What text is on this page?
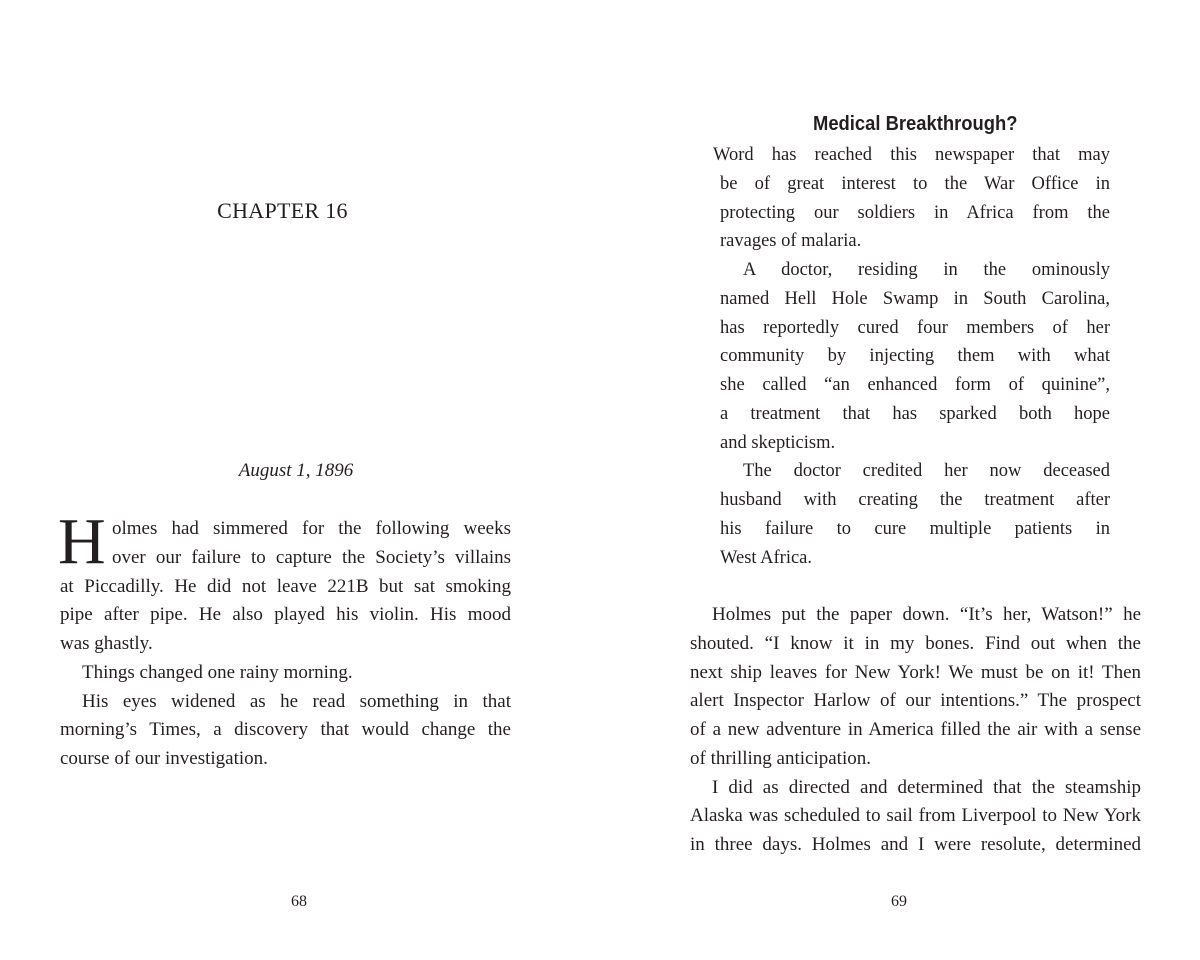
CHAPTER 16
August 1, 1896
68
H olmes had simmered for the following weeks
over our failure to capture the Society’s villains
at Piccadilly. He did not leave 221B but sat smoking
pipe after pipe. He also played his violin. His mood
was ghastly.
Things changed one rainy morning.
His eyes widened as he read something in that
morning’s Times, a discovery that would change the
course of our investigation.
Medical Breakthrough?
Word has reached this newspaper that may
be of great interest to the War Office in
protecting our soldiers in Africa from the
ravages of malaria.
A doctor, residing in the ominously
named Hell Hole Swamp in South Carolina,
has reportedly cured four members of her
community by injecting them with what
she called “an enhanced form of quinine”,
a treatment that has sparked both hope
and skepticism.
The doctor credited her now deceased
husband with creating the treatment after
his failure to cure multiple patients in
West Africa.
Holmes put the paper down. “It’s her, Watson!” he
shouted. “I know it in my bones. Find out when the
next ship leaves for New York! We must be on it! Then
alert Inspector Harlow of our intentions.” The prospect
of a new adventure in America filled the air with a sense
of thrilling anticipation.
I did as directed and determined that the steamship
Alaska was scheduled to sail from Liverpool to New York
in three days. Holmes and I were resolute, determined
69
